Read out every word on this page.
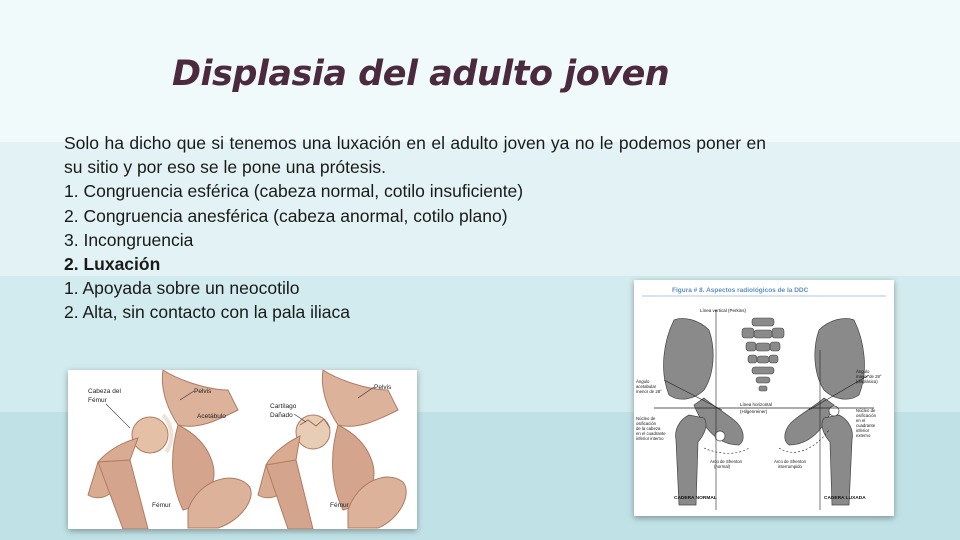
Displasia del adulto joven

Solo ha dicho que si tenemos una luxación en el adulto joven ya no le podemos poner en su sitio y por eso se le pone una prótesis.

1. Congruencia esférica (cabeza normal, cotilo insuficiente)

2. Congruencia anesférica (cabeza anormal, cotilo plano)

3. Incongruencia

2. Luxación

1. Apoyada sobre un neocotilo

2. Alta, sin contacto con la pala iliaca

Cabeza del
Fémur
Pelvis
Acetábulo
Fémur
Cartílago
Dañado
Pelvis
Fémur
Figura # 8. Aspectos radiológicos de la DDC
Línea vertical (Perkins)
Ángulo
acetabular
menor de 28°
Ángulo
mayor de 28°
(displásica)
Línea horizontal
(Hilgenreiner)
Núcleo de
osificación
de la cabeza
en el cuadrante
inferior interno
Núcleo de
osificación
en el
cuadrante
inferior
externo
Arco de Shenton
(normal)
Arco de Shenton
interrumpido
CADERA NORMAL	CADERA LUXADA
